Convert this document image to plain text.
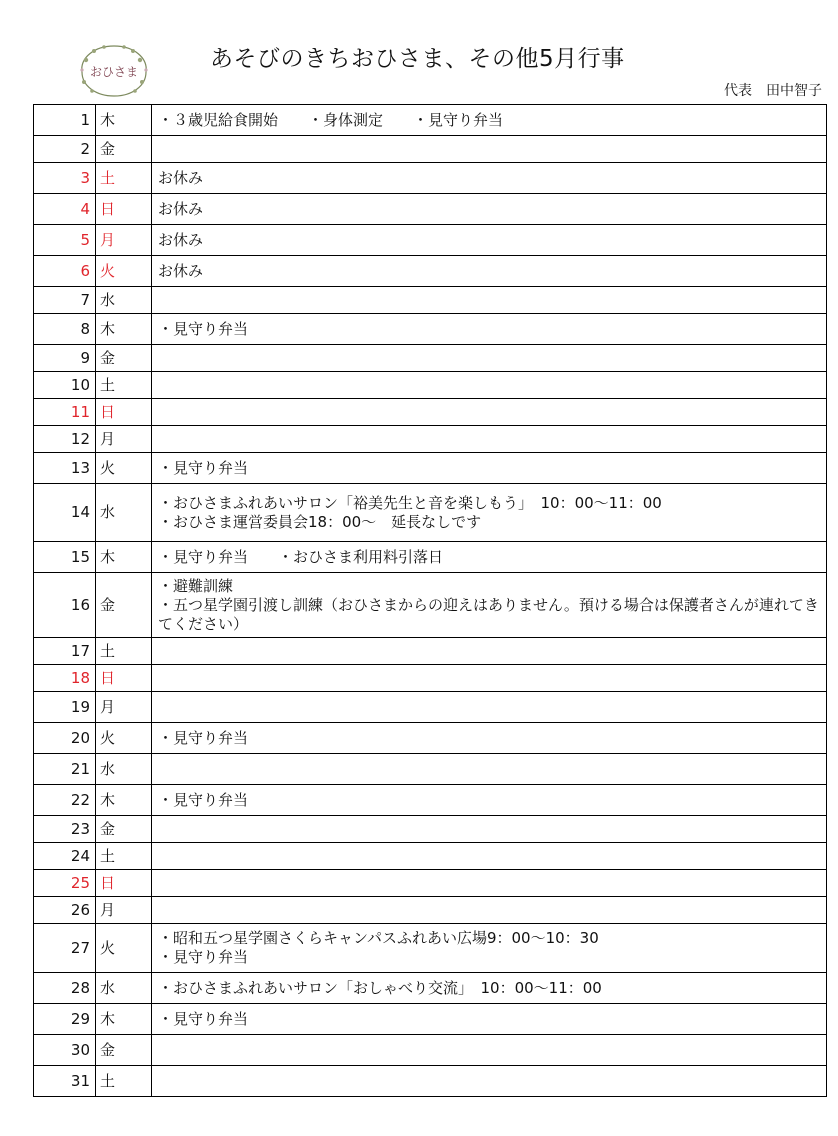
おひさま	あそびのきちおひさま、その他5月行事
代表　田中智子
1	木	・３歳児給食開始　　・身体測定　　・見守り弁当

2	金	
3	土	お休み

4	日	お休み

5	月	お休み

6	火	お休み

7	水	
8	木	・見守り弁当

9	金	
10	土	
11	日	
12	月	
13	火	・見守り弁当

14	水	・おひさまふれあいサロン「裕美先生と音を楽しもう」　10：00～11：00
・おひさま運営委員会18：00～　延長なしです

15	木	・見守り弁当　　・おひさま利用料引落日

16	金	・避難訓練
・五つ星学園引渡し訓練（おひさまからの迎えはありません。預ける場合は保護者さんが連れてきてください）

17	土	
18	日	
19	月	
20	火	・見守り弁当

21	水	
22	木	・見守り弁当

23	金	
24	土	
25	日	
26	月	
27	火	・昭和五つ星学園さくらキャンパスふれあい広場9：00～10：30
・見守り弁当

28	水	・おひさまふれあいサロン「おしゃべり交流」　10：00～11：00

29	木	・見守り弁当

30	金	
31	土	
